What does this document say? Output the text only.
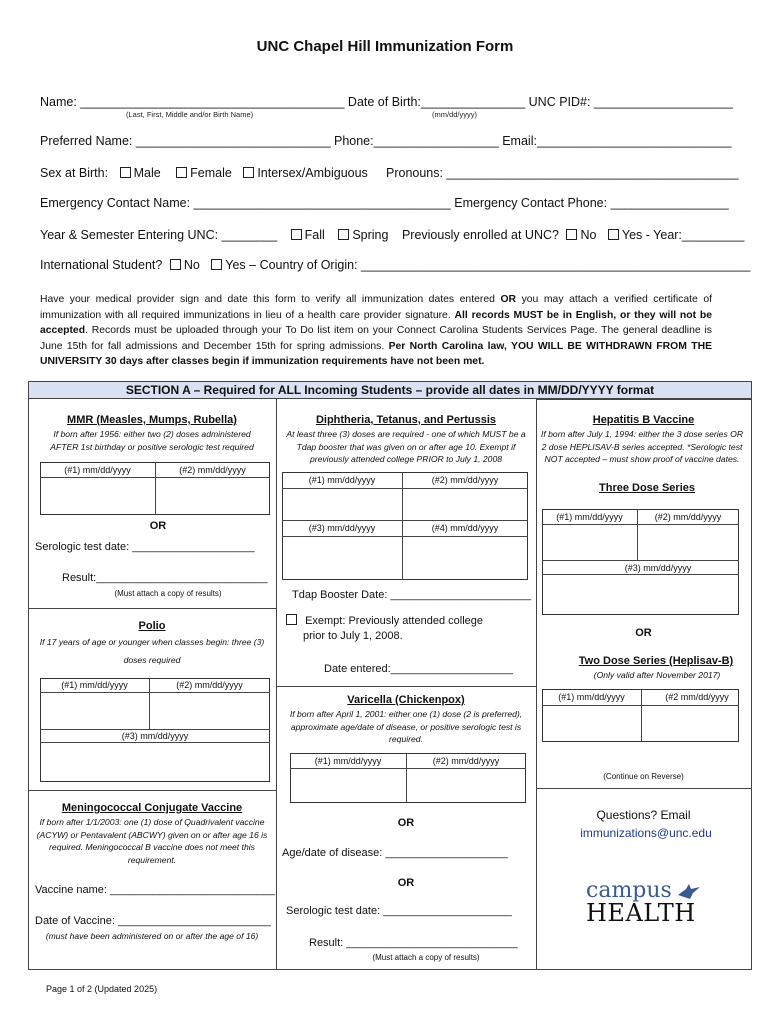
UNC Chapel Hill Immunization Form
Name: ______________________________________ Date of Birth:_______________ UNC PID#: ____________________
(Last, First, Middle and/or Birth Name)	(mm/dd/yyyy)
Preferred Name: ____________________________ Phone:__________________ Email:____________________________
Sex at Birth: Male Female Intersex/Ambiguous Pronouns: __________________________________________
Emergency Contact Name: _____________________________________ Emergency Contact Phone: _________________
Year & Semester Entering UNC: ________ Fall Spring Previously enrolled at UNC? No Yes - Year:_________
International Student? No Yes – Country of Origin: ________________________________________________________
Have your medical provider sign and date this form to verify all immunization dates entered OR you may attach a verified certificate of immunization with all required immunizations in lieu of a health care provider signature. All records MUST be in English, or they will not be accepted. Records must be uploaded through your To Do list item on your Connect Carolina Students Services Page. The general deadline is June 15th for fall admissions and December 15th for spring admissions. Per North Carolina law, YOU WILL BE WITHDRAWN FROM THE UNIVERSITY 30 days after classes begin if immunization requirements have not been met.
SECTION A – Required for ALL Incoming Students – provide all dates in MM/DD/YYYY format
MMR (Measles, Mumps, Rubella)
If born after 1956: either two (2) doses administered AFTER 1st birthday or positive serologic test required
(#1) mm/dd/yyyy	(#2) mm/dd/yyyy
OR
Serologic test date: ____________________
Result:____________________________
(Must attach a copy of results)
Polio
If 17 years of age or younger when classes begin: three (3) doses required
(#1) mm/dd/yyyy	(#2) mm/dd/yyyy
(#3) mm/dd/yyyy
Meningococcal Conjugate Vaccine
If born after 1/1/2003: one (1) dose of Quadrivalent vaccine (ACYW) or Pentavalent (ABCWY) given on or after age 16 is required. Meningococcal B vaccine does not meet this requirement.
Vaccine name: ___________________________
Date of Vaccine: _________________________
(must have been administered on or after the age of 16)
Diphtheria, Tetanus, and Pertussis
At least three (3) doses are required - one of which MUST be a Tdap booster that was given on or after age 10. Exempt if previously attended college PRIOR to July 1, 2008
(#1) mm/dd/yyyy	(#2) mm/dd/yyyy
(#3) mm/dd/yyyy	(#4) mm/dd/yyyy
Tdap Booster Date: _______________________
Exempt: Previously attended college
prior to July 1, 2008.
Date entered:____________________
Varicella (Chickenpox)
If born after April 1, 2001: either one (1) dose (2 is preferred), approximate age/date of disease, or positive serologic test is required.
(#1) mm/dd/yyyy	(#2) mm/dd/yyyy
OR
Age/date of disease: ____________________
OR
Serologic test date: _____________________
Result: ____________________________
(Must attach a copy of results)
Hepatitis B Vaccine
If born after July 1, 1994: either the 3 dose series OR 2 dose HEPLISAV-B series accepted. *Serologic test NOT accepted – must show proof of vaccine dates.
Three Dose Series
(#1) mm/dd/yyyy	(#2) mm/dd/yyyy
(#3) mm/dd/yyyy
OR
Two Dose Series (Heplisav-B)
(Only valid after November 2017)
(#1) mm/dd/yyyy	(#2 mm/dd/yyyy
(Continue on Reverse)
Questions? Email
immunizations@unc.edu
campus
HEALTH
Page 1 of 2 (Updated 2025)
